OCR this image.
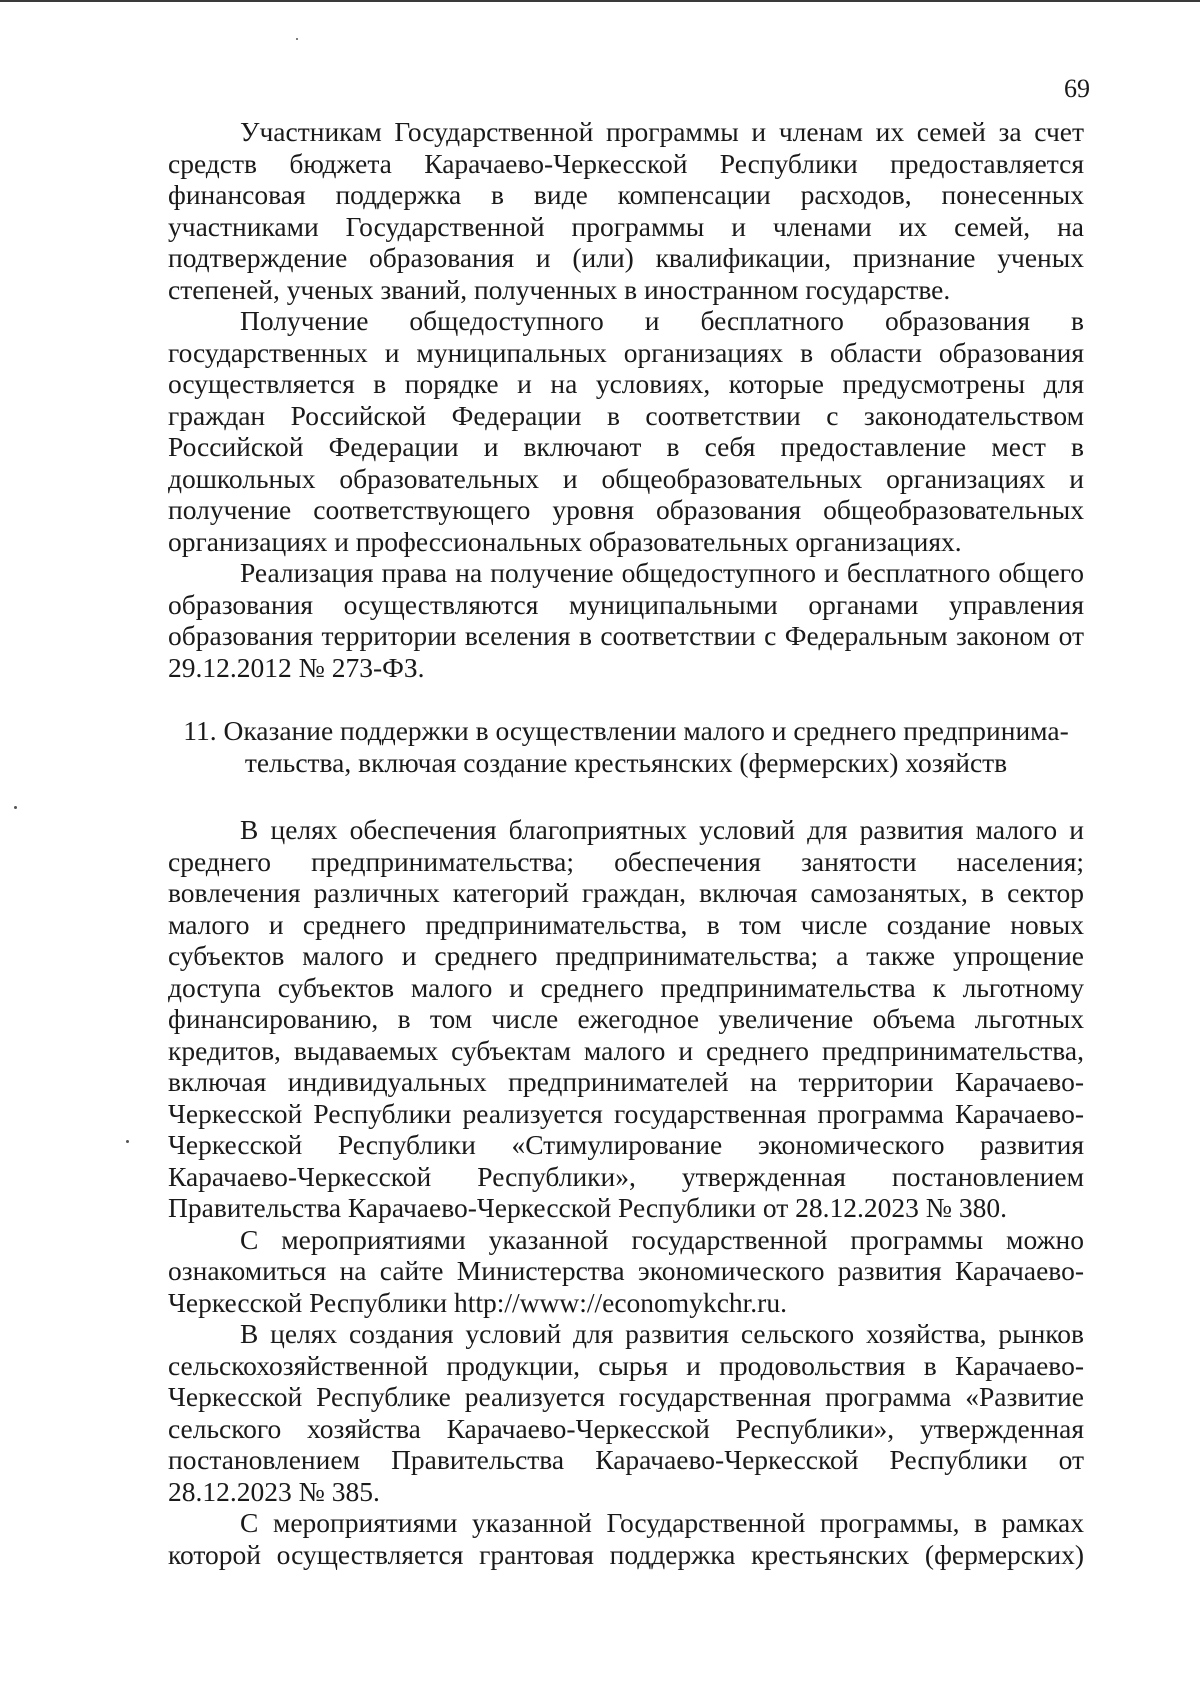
69

Участникам Государственной программы и членам их семей за счет средств бюджета Карачаево-Черкесской Республики предоставляется финансовая поддержка в виде компенсации расходов, понесенных участниками Государственной программы и членами их семей, на подтверждение образования и (или) квалификации, признание ученых степеней, ученых званий, полученных в иностранном государстве.

Получение общедоступного и бесплатного образования в государственных и муниципальных организациях в области образования осуществляется в порядке и на условиях, которые предусмотрены для граждан Российской Федерации в соответствии с законодательством Российской Федерации и включают в себя предоставление мест в дошкольных образовательных и общеобразовательных организациях и получение соответствующего уровня образования общеобразовательных организациях и профессиональных образовательных организациях.

Реализация права на получение общедоступного и бесплатного общего образования осуществляются муниципальными органами управления образования территории вселения в соответствии с Федеральным законом от 29.12.2012 № 273-ФЗ.

11. Оказание поддержки в осуществлении малого и среднего предпринима-
тельства, включая создание крестьянских (фермерских) хозяйств

В целях обеспечения благоприятных условий для развития малого и среднего предпринимательства; обеспечения занятости населения; вовлечения различных категорий граждан, включая самозанятых, в сектор малого и среднего предпринимательства, в том числе создание новых субъектов малого и среднего предпринимательства; а также упрощение доступа субъектов малого и среднего предпринимательства к льготному финансированию, в том числе ежегодное увеличение объема льготных кредитов, выдаваемых субъектам малого и среднего предпринимательства, включая индивидуальных предпринимателей на территории Карачаево-Черкесской Республики реализуется государственная программа Карачаево-Черкесской Республики «Стимулирование экономического развития Карачаево-Черкесской Республики», утвержденная постановлением Правительства Карачаево-Черкесской Республики от 28.12.2023 № 380.

С мероприятиями указанной государственной программы можно ознакомиться на сайте Министерства экономического развития Карачаево-Черкесской Республики http://www://economykchr.ru.

В целях создания условий для развития сельского хозяйства, рынков сельскохозяйственной продукции, сырья и продовольствия в Карачаево-Черкесской Республике реализуется государственная программа «Развитие сельского хозяйства Карачаево-Черкесской Республики», утвержденная постановлением Правительства Карачаево-Черкесской Республики от 28.12.2023 № 385.

С мероприятиями указанной Государственной программы, в рамках которой осуществляется грантовая поддержка крестьянских (фермерских)
